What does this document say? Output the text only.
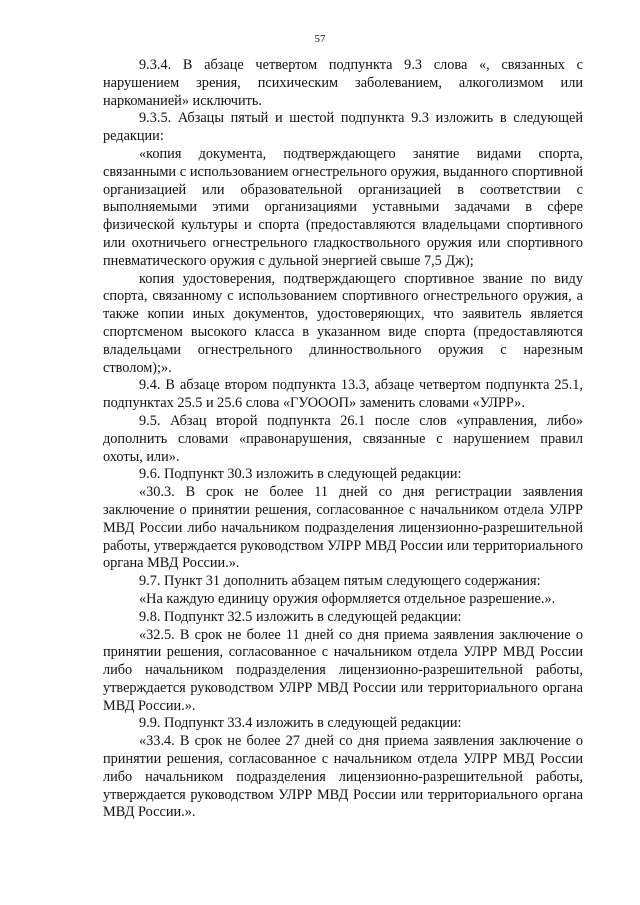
57

9.3.4. В абзаце четвертом подпункта 9.3 слова «, связанных с нарушением зрения, психическим заболеванием, алкоголизмом или наркоманией» исключить.

9.3.5. Абзацы пятый и шестой подпункта 9.3 изложить в следующей редакции:

«копия документа, подтверждающего занятие видами спорта, связанными с использованием огнестрельного оружия, выданного спортивной организацией или образовательной организацией в соответствии с выполняемыми этими организациями уставными задачами в сфере физической культуры и спорта (предоставляются владельцами спортивного или охотничьего огнестрельного гладкоствольного оружия или спортивного пневматического оружия с дульной энергией свыше 7,5 Дж);

копия удостоверения, подтверждающего спортивное звание по виду спорта, связанному с использованием спортивного огнестрельного оружия, а также копии иных документов, удостоверяющих, что заявитель является спортсменом высокого класса в указанном виде спорта (предоставляются владельцами огнестрельного длинноствольного оружия с нарезным стволом);».

9.4. В абзаце втором подпункта 13.3, абзаце четвертом подпункта 25.1, подпунктах 25.5 и 25.6 слова «ГУОООП» заменить словами «УЛРР».

9.5. Абзац второй подпункта 26.1 после слов «управления, либо» дополнить словами «правонарушения, связанные с нарушением правил охоты, или».

9.6. Подпункт 30.3 изложить в следующей редакции:

«30.3. В срок не более 11 дней со дня регистрации заявления заключение о принятии решения, согласованное с начальником отдела УЛРР МВД России либо начальником подразделения лицензионно-разрешительной работы, утверждается руководством УЛРР МВД России или территориального органа МВД России.».

9.7. Пункт 31 дополнить абзацем пятым следующего содержания:

«На каждую единицу оружия оформляется отдельное разрешение.».

9.8. Подпункт 32.5 изложить в следующей редакции:

«32.5. В срок не более 11 дней со дня приема заявления заключение о принятии решения, согласованное с начальником отдела УЛРР МВД России либо начальником подразделения лицензионно-разрешительной работы, утверждается руководством УЛРР МВД России или территориального органа МВД России.».

9.9. Подпункт 33.4 изложить в следующей редакции:

«33.4. В срок не более 27 дней со дня приема заявления заключение о принятии решения, согласованное с начальником отдела УЛРР МВД России либо начальником подразделения лицензионно-разрешительной работы, утверждается руководством УЛРР МВД России или территориального органа МВД России.».
